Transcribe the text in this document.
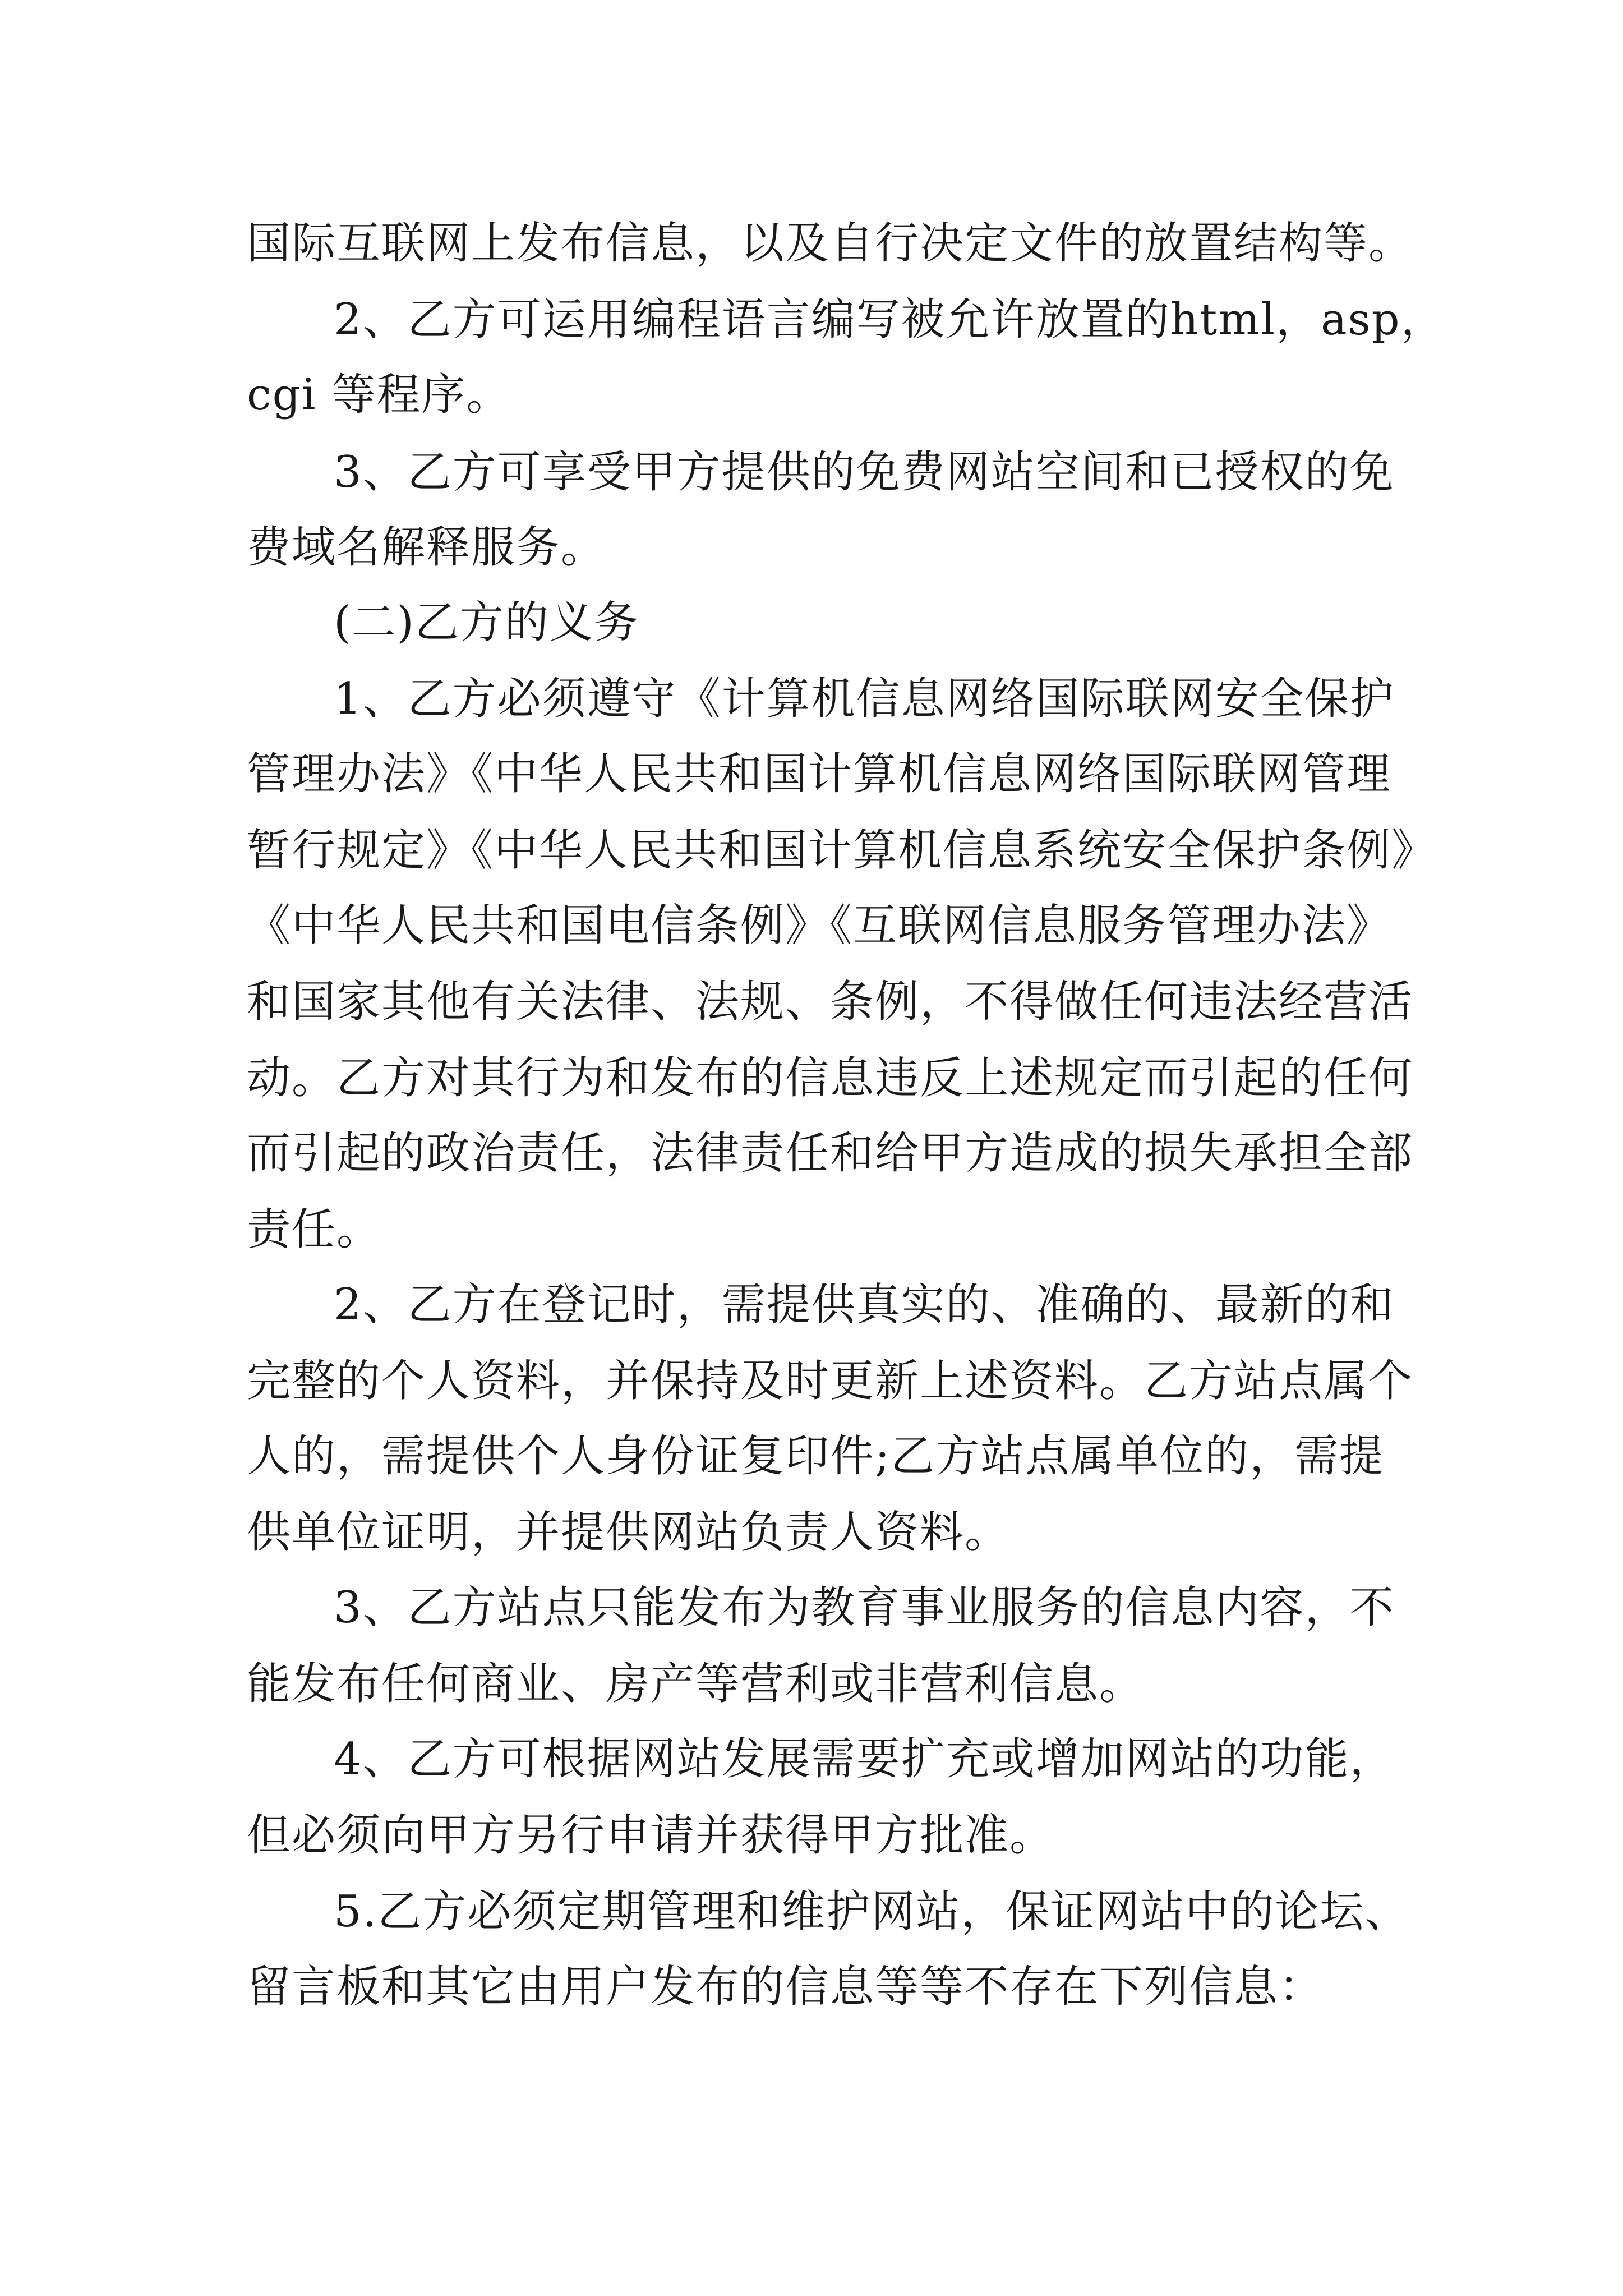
国际互联网上发布信息，以及自行决定文件的放置结构等。
2、乙方可运用编程语言编写被允许放置的html，asp，
cgi 等程序。
3、乙方可享受甲方提供的免费网站空间和已授权的免
费域名解释服务。
(二)乙方的义务
1、乙方必须遵守《计算机信息网络国际联网安全保护
管理办法》《中华人民共和国计算机信息网络国际联网管理
暂行规定》《中华人民共和国计算机信息系统安全保护条例》
《中华人民共和国电信条例》《互联网信息服务管理办法》
和国家其他有关法律、法规、条例，不得做任何违法经营活
动。乙方对其行为和发布的信息违反上述规定而引起的任何
而引起的政治责任，法律责任和给甲方造成的损失承担全部
责任。
2、乙方在登记时，需提供真实的、准确的、最新的和
完整的个人资料，并保持及时更新上述资料。乙方站点属个
人的，需提供个人身份证复印件;乙方站点属单位的，需提
供单位证明，并提供网站负责人资料。
3、乙方站点只能发布为教育事业服务的信息内容，不
能发布任何商业、房产等营利或非营利信息。
4、乙方可根据网站发展需要扩充或增加网站的功能，
但必须向甲方另行申请并获得甲方批准。
5.乙方必须定期管理和维护网站，保证网站中的论坛、
留言板和其它由用户发布的信息等等不存在下列信息：
